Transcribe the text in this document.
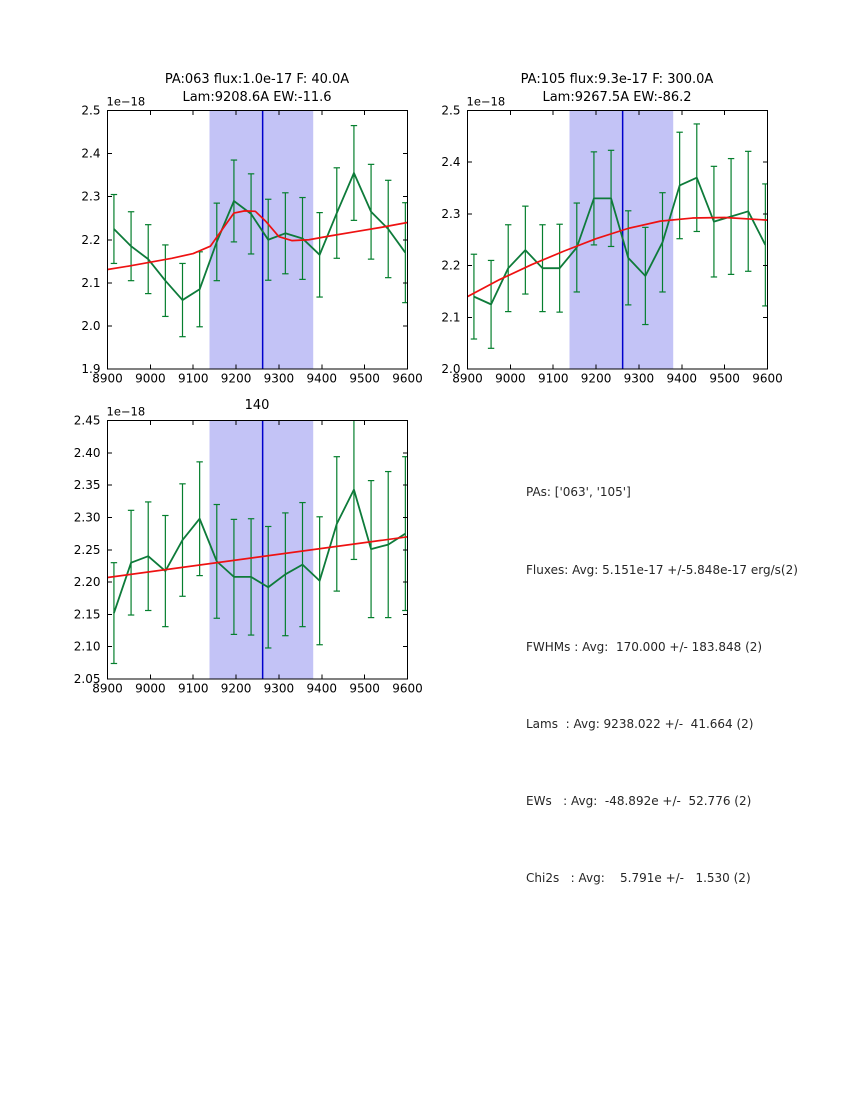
8900 9000 9100 9200 9300 9400 9500 9600
1.9
2.0
2.1
2.2
2.3
2.4
2.5
1e−18
8900 9000 9100 9200 9300 9400 9500 9600
2.0
2.1
2.2
2.3
2.4
2.5
1e−18
8900 9000 9100 9200 9300 9400 9500 9600
2.05
2.10
2.15
2.20
2.25
2.30
2.35
2.40
2.45
1e−18
PA:063 flux:1.0e-17 F: 40.0A
Lam:9208.6A EW:-11.6
PA:105 flux:9.3e-17 F: 300.0A
Lam:9267.5A EW:-86.2
140

PAs: ['063', '105']

Fluxes: Avg: 5.151e-17 +/-5.848e-17 erg/s(2)

FWHMs : Avg:  170.000 +/- 183.848 (2)

Lams  : Avg: 9238.022 +/-  41.664 (2)

EWs   : Avg:  -48.892e +/-  52.776 (2)

Chi2s   : Avg:    5.791e +/-   1.530 (2)
